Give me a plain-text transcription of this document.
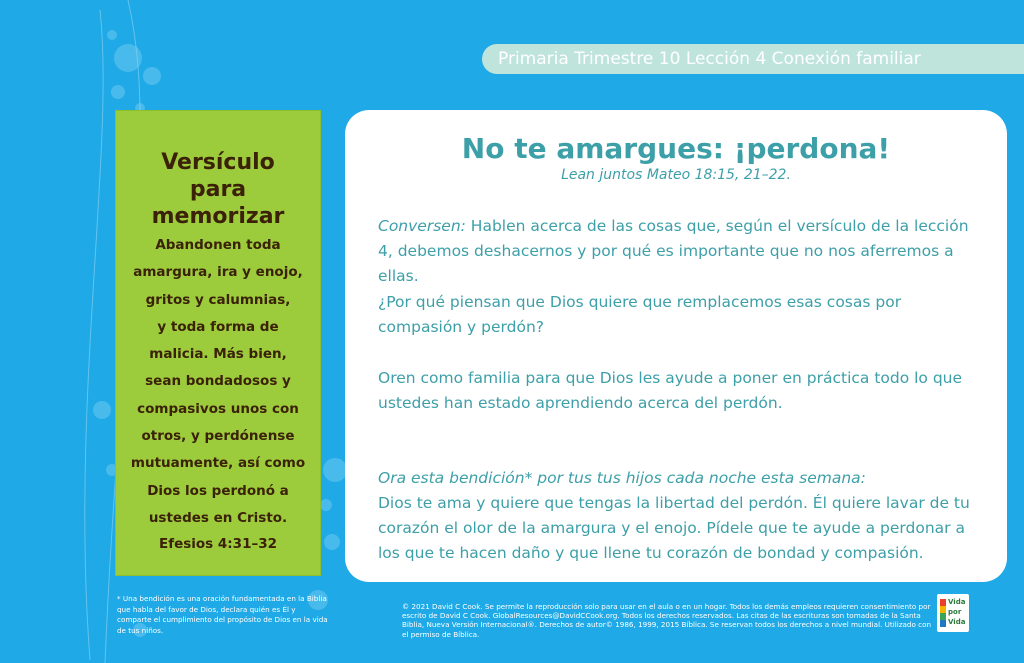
Primaria Trimestre 10 Lección 4 Conexión familiar
Versículo
para
memorizar
Abandonen toda
amargura, ira y enojo,
gritos y calumnias,
y toda forma de
malicia. Más bien,
sean bondadosos y
compasivos unos con
otros, y perdónense
mutuamente, así como
Dios los perdonó a
ustedes en Cristo.
Efesios 4:31–32
* Una bendición es una oración fundamentada en la Biblia que habla del favor de Dios, declara quién es Él y comparte el cumplimiento del propósito de Dios en la vida de tus niños.
No te amargues: ¡perdona!
Lean juntos Mateo 18:15, 21–22.
Conversen: Hablen acerca de las cosas que, según el versículo de la lección 4, debemos deshacernos y por qué es importante que no nos aferremos a ellas.
¿Por qué piensan que Dios quiere que remplacemos esas cosas por compasión y perdón?
Oren como familia para que Dios les ayude a poner en práctica todo lo que ustedes han estado aprendiendo acerca del perdón.
Ora esta bendición* por tus tus hijos cada noche esta semana:
Dios te ama y quiere que tengas la libertad del perdón. Él quiere lavar de tu corazón el olor de la amargura y el enojo. Pídele que te ayude a perdonar a los que te hacen daño y que llene tu corazón de bondad y compasión.
© 2021 David C Cook. Se permite la reproducción solo para usar en el aula o en un hogar. Todos los demás empleos requieren consentimiento por escrito de David C Cook. GlobalResources@DavidCCook.org. Todos los derechos reservados. Las citas de las escrituras son tomadas de la Santa Biblia, Nueva Versión Internacional®. Derechos de autor© 1986, 1999, 2015 Bíblica. Se reservan todos los derechos a nivel mundial. Utilizado con el permiso de Bíblica.
Vida
por
Vida
